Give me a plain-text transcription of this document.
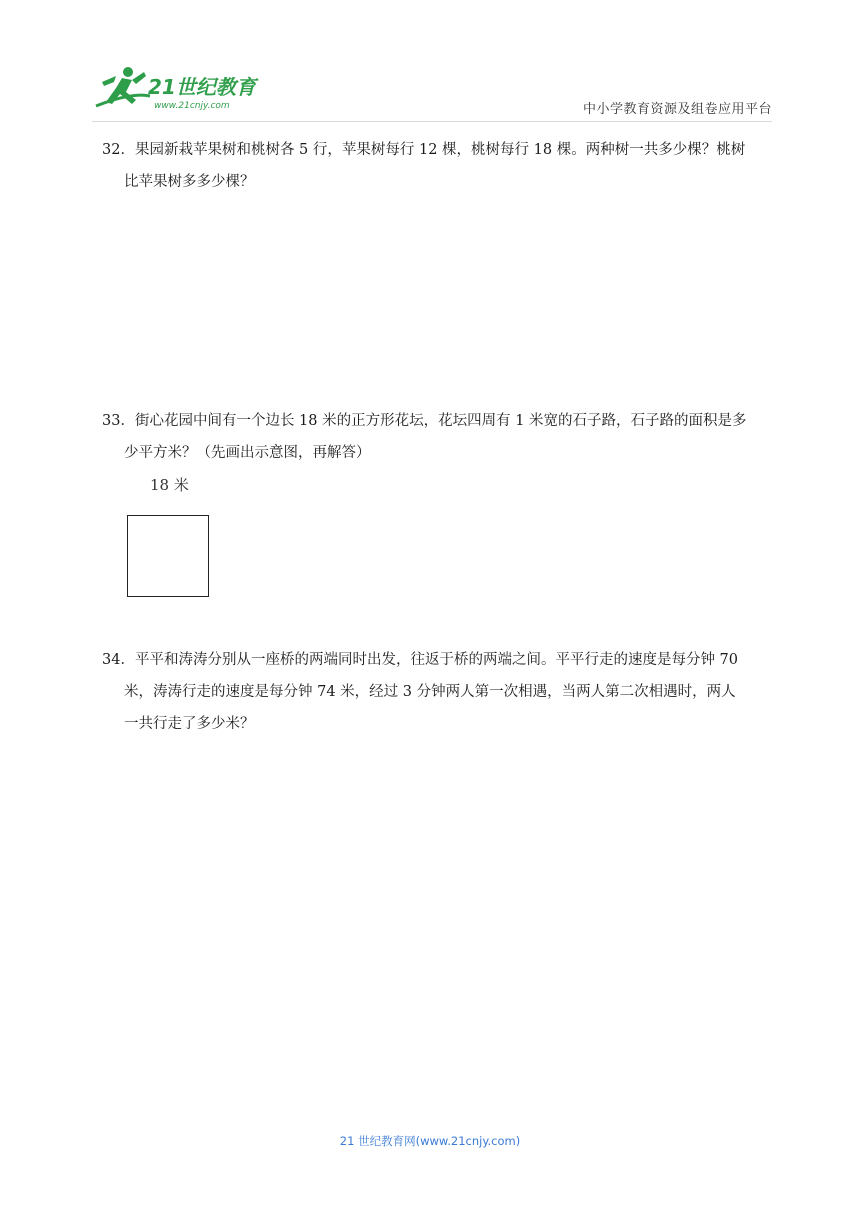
21世纪教育
www.21cnjy.com	中小学教育资源及组卷应用平台
32．果园新栽苹果树和桃树各 5 行，苹果树每行 12 棵，桃树每行 18 棵。两种树一共多少棵？桃树
比苹果树多多少棵？
33．街心花园中间有一个边长 18 米的正方形花坛，花坛四周有 1 米宽的石子路，石子路的面积是多
少平方米？（先画出示意图，再解答）
18 米
34．平平和涛涛分别从一座桥的两端同时出发，往返于桥的两端之间。平平行走的速度是每分钟 70
米，涛涛行走的速度是每分钟 74 米，经过 3 分钟两人第一次相遇，当两人第二次相遇时，两人
一共行走了多少米？
21 世纪教育网(www.21cnjy.com)
